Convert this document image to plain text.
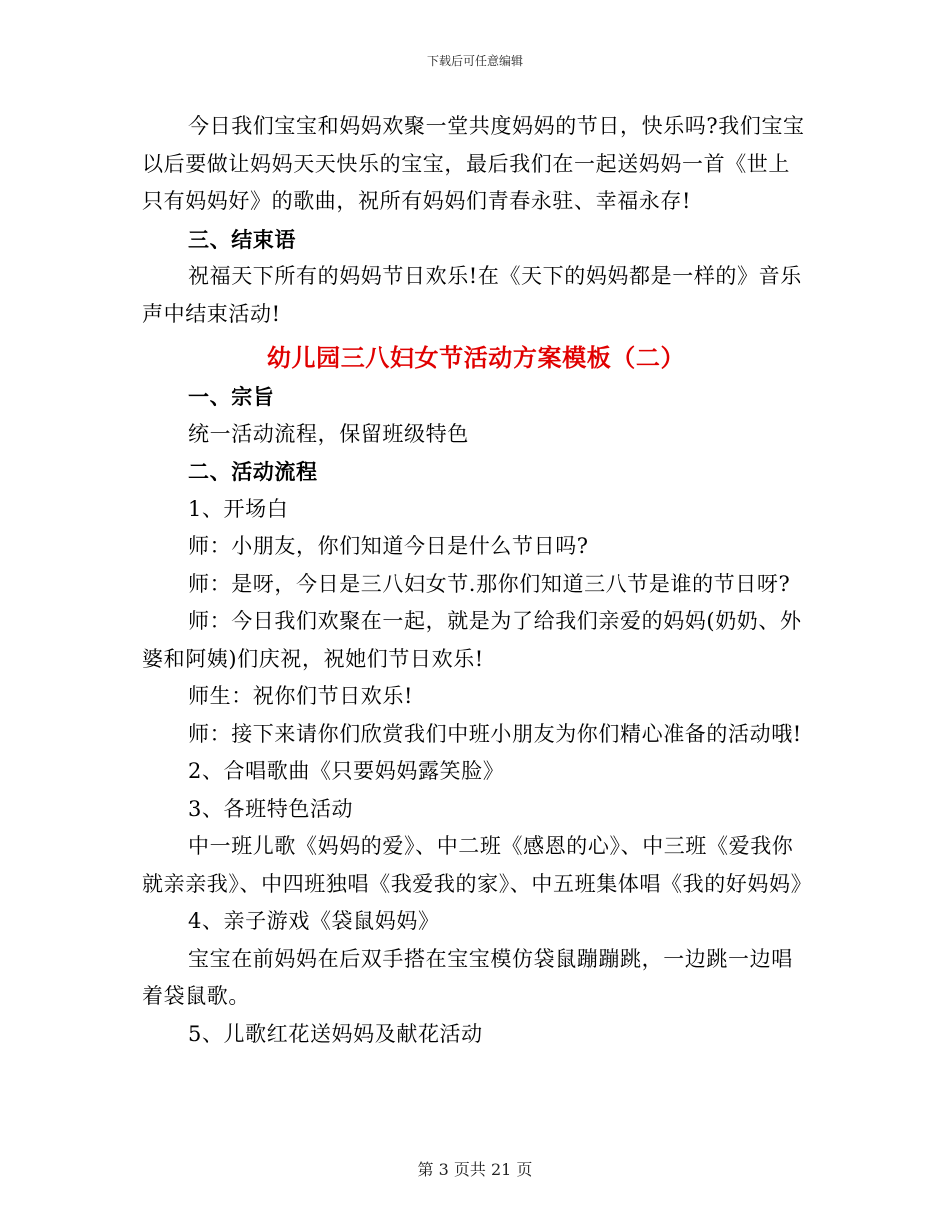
下载后可任意编辑

今日我们宝宝和妈妈欢聚一堂共度妈妈的节日，快乐吗?我们宝宝以后要做让妈妈天天快乐的宝宝，最后我们在一起送妈妈一首《世上只有妈妈好》的歌曲，祝所有妈妈们青春永驻、幸福永存!

三、结束语

祝福天下所有的妈妈节日欢乐!在《天下的妈妈都是一样的》音乐声中结束活动!

幼儿园三八妇女节活动方案模板（二）

一、宗旨

统一活动流程，保留班级特色

二、活动流程

1、开场白

师：小朋友，你们知道今日是什么节日吗?

师：是呀，今日是三八妇女节.那你们知道三八节是谁的节日呀?

师：今日我们欢聚在一起，就是为了给我们亲爱的妈妈(奶奶、外婆和阿姨)们庆祝，祝她们节日欢乐!

师生：祝你们节日欢乐!

师：接下来请你们欣赏我们中班小朋友为你们精心准备的活动哦!

2、合唱歌曲《只要妈妈露笑脸》

3、各班特色活动

中一班儿歌《妈妈的爱》、中二班《感恩的心》、中三班《爱我你就亲亲我》、中四班独唱《我爱我的家》、中五班集体唱《我的好妈妈》

4、亲子游戏《袋鼠妈妈》

宝宝在前妈妈在后双手搭在宝宝模仿袋鼠蹦蹦跳，一边跳一边唱着袋鼠歌。

5、儿歌红花送妈妈及献花活动

第 3 页共 21 页
